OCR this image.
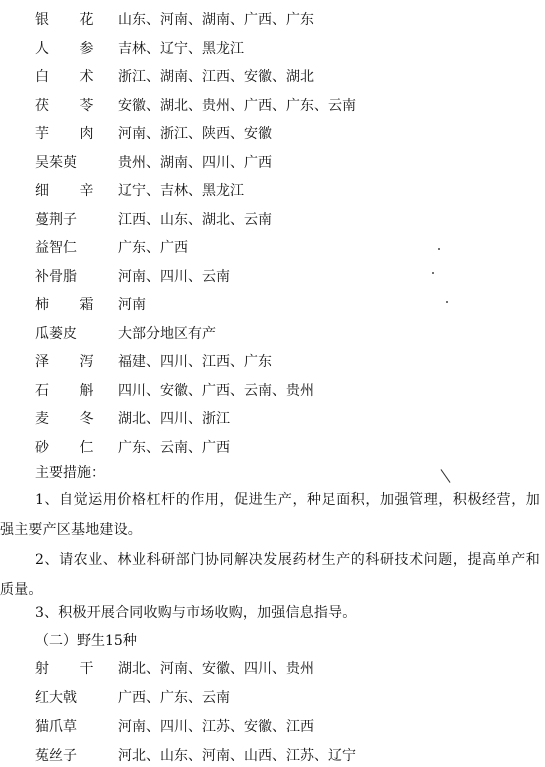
银 花 山东、河南、湖南、广西、广东
人 参 吉林、辽宁、黑龙江
白 术 浙江、湖南、江西、安徽、湖北
茯 苓 安徽、湖北、贵州、广西、广东、云南
芋 肉 河南、浙江、陕西、安徽
吴茱萸	贵州、湖南、四川、广西
细 辛 辽宁、吉林、黑龙江
蔓荆子	江西、山东、湖北、云南
益智仁	广东、广西
补骨脂	河南、四川、云南
柿 霜 河南
瓜蒌皮	大部分地区有产
泽 泻 福建、四川、江西、广东
石 斛 四川、安徽、广西、云南、贵州
麦 冬 湖北、四川、浙江
砂 仁 广东、云南、广西
主要措施：
1、自觉运用价格杠杆的作用，促进生产，种足面积，加强管理，积极经营，加强主要产区基地建设。
2、请农业、林业科研部门协同解决发展药材生产的科研技术问题，提高单产和质量。
3、积极开展合同收购与市场收购，加强信息指导。
（二）野生15种
射 干 湖北、河南、安徽、四川、贵州
红大戟	广西、广东、云南
猫爪草	河南、四川、江苏、安徽、江西
菟丝子	河北、山东、河南、山西、江苏、辽宁
